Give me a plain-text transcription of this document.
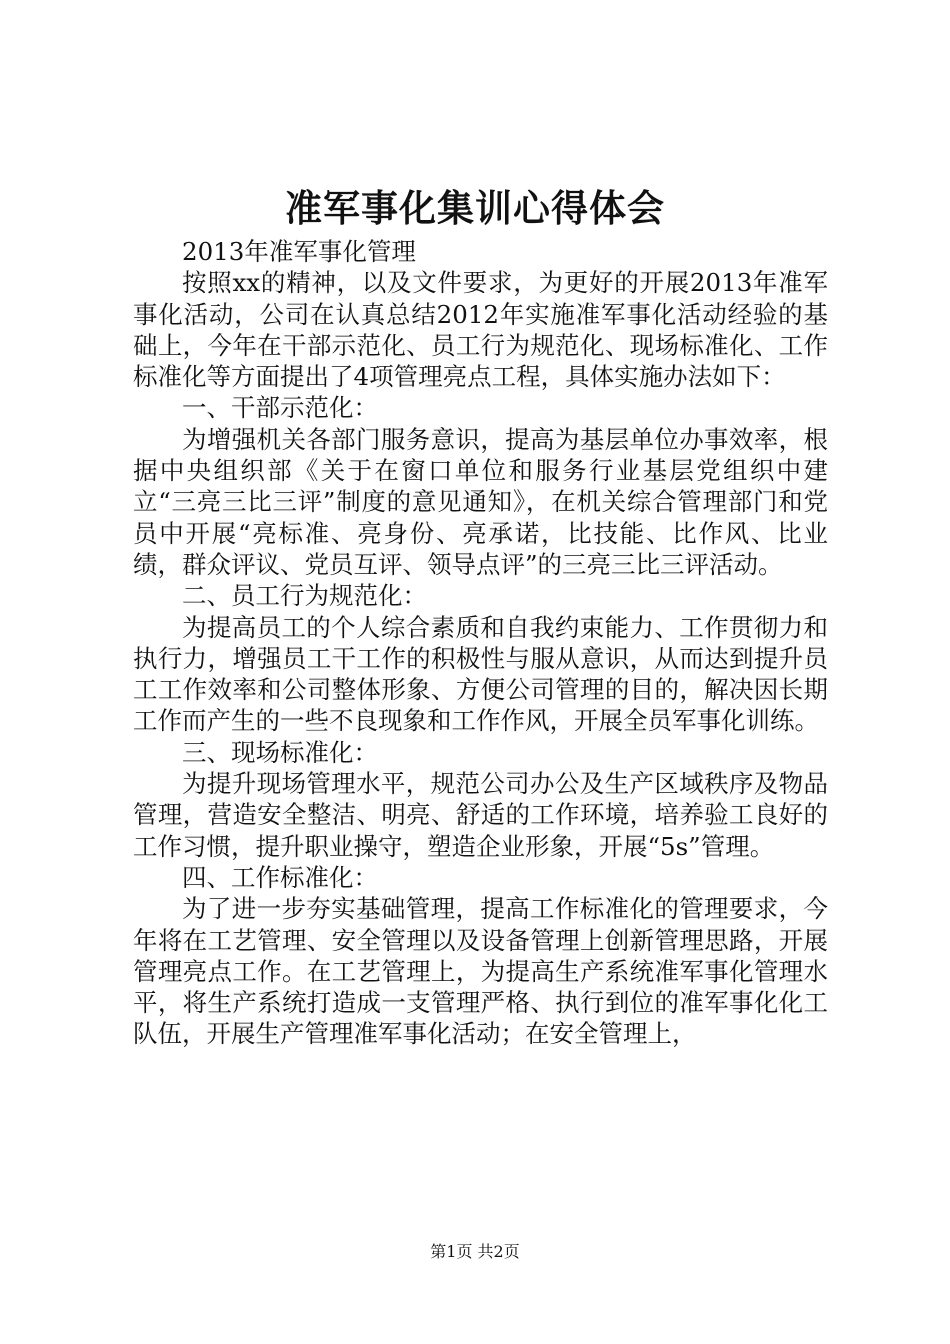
准军事化集训心得体会

2013年准军事化管理

按照xx的精神，以及文件要求，为更好的开展2013年准军事化活动，公司在认真总结2012年实施准军事化活动经验的基础上，今年在干部示范化、员工行为规范化、现场标准化、工作标准化等方面提出了4项管理亮点工程，具体实施办法如下：

一、干部示范化：

为增强机关各部门服务意识，提高为基层单位办事效率，根据中央组织部《关于在窗口单位和服务行业基层党组织中建立“三亮三比三评”制度的意见通知》，在机关综合管理部门和党员中开展“亮标准、亮身份、亮承诺，比技能、比作风、比业绩，群众评议、党员互评、领导点评”的三亮三比三评活动。

二、员工行为规范化：

为提高员工的个人综合素质和自我约束能力、工作贯彻力和执行力，增强员工干工作的积极性与服从意识，从而达到提升员工工作效率和公司整体形象、方便公司管理的目的，解决因长期工作而产生的一些不良现象和工作作风，开展全员军事化训练。

三、现场标准化：

为提升现场管理水平，规范公司办公及生产区域秩序及物品管理，营造安全整洁、明亮、舒适的工作环境，培养验工良好的工作习惯，提升职业操守，塑造企业形象，开展“5s”管理。

四、工作标准化：

为了进一步夯实基础管理，提高工作标准化的管理要求，今年将在工艺管理、安全管理以及设备管理上创新管理思路，开展管理亮点工作。在工艺管理上，为提高生产系统准军事化管理水平，将生产系统打造成一支管理严格、执行到位的准军事化化工队伍，开展生产管理准军事化活动；在安全管理上，

第1页 共2页
